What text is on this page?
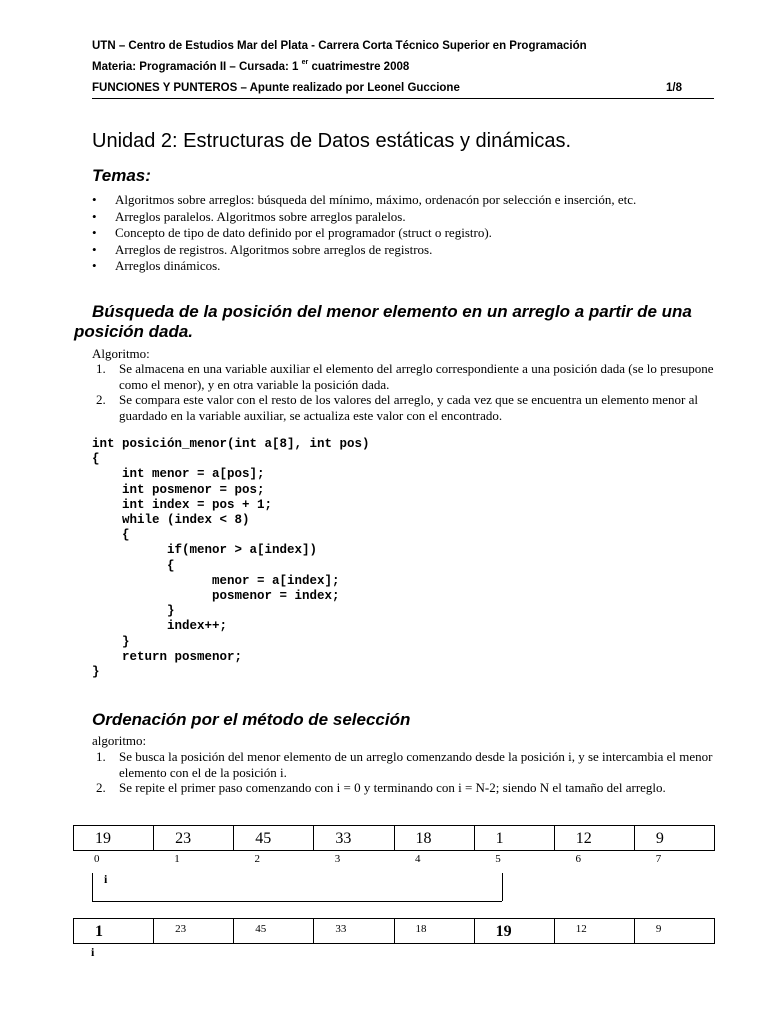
UTN – Centro de Estudios Mar del Plata - Carrera Corta Técnico Superior en Programación
Materia: Programación II – Cursada: 1 $^{er}$ cuatrimestre 2008
FUNCIONES Y PUNTEROS – Apunte realizado por Leonel Guccione	1/8
Unidad 2: Estructuras de Datos estáticas y dinámicas.
Temas:
• Algoritmos sobre arreglos: búsqueda del mínimo, máximo, ordenacón por selección e inserción, etc.
• Arreglos paralelos. Algoritmos sobre arreglos paralelos.
• Concepto de tipo de dato definido por el programador (struct o registro).
• Arreglos de registros. Algoritmos sobre arreglos de registros.
• Arreglos dinámicos.
Búsqueda de la posición del menor elemento en un arreglo a partir de una posición dada.
Algoritmo:
1. Se almacena en una variable auxiliar el elemento del arreglo correspondiente a una posición dada (se lo presupone como el menor), y en otra variable la posición dada.
2. Se compara este valor con el resto de los valores del arreglo, y cada vez que se encuentra un elemento menor al guardado en la variable auxiliar, se actualiza este valor con el encontrado.
int posición_menor(int a[8], int pos)
{
int menor = a[pos];
int posmenor = pos;
int index = pos + 1;
while (index < 8)
{
if(menor > a[index])
{
menor = a[index];
posmenor = index;
}
index++;
}
return posmenor;
}
Ordenación por el método de selección
algoritmo:
1. Se busca la posición del menor elemento de un arreglo comenzando desde la posición i, y se intercambia el menor elemento con el de la posición i.
2. Se repite el primer paso comenzando con i = 0 y terminando con i = N-2; siendo N el tamaño del arreglo.
19	23	45	33	18	1	12	9
0	1	2	3	4	5	6	7
i
1	23	45	33	18	19	12	9
i
